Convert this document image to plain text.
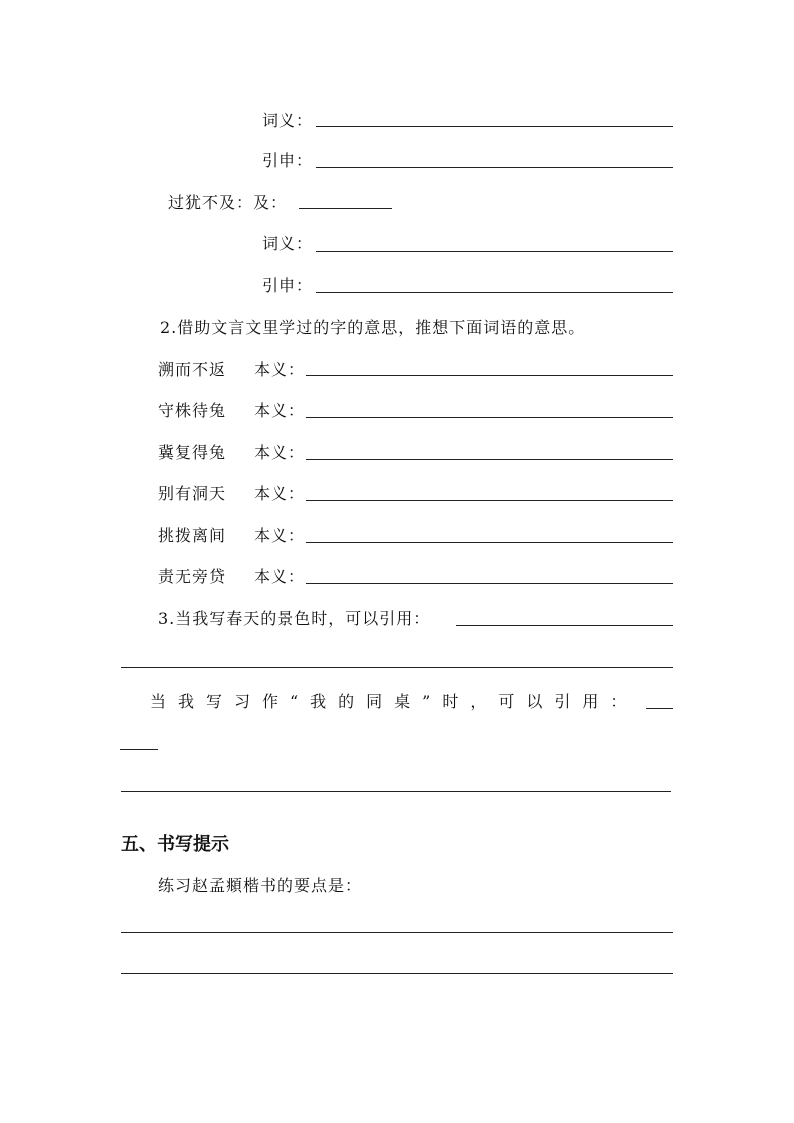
词义：
引申：
过犹不及：及：
词义：
引申：
2.借助文言文里学过的字的意思，推想下面词语的意思。
溯而不返 本义：
守株待兔 本义：
冀复得兔 本义：
别有洞天 本义：
挑拨离间 本义：
责无旁贷 本义：
3.当我写春天的景色时，可以引用：
当我写习作“我的同桌”时，可以引用：
五、书写提示
练习赵孟頫楷书的要点是：
